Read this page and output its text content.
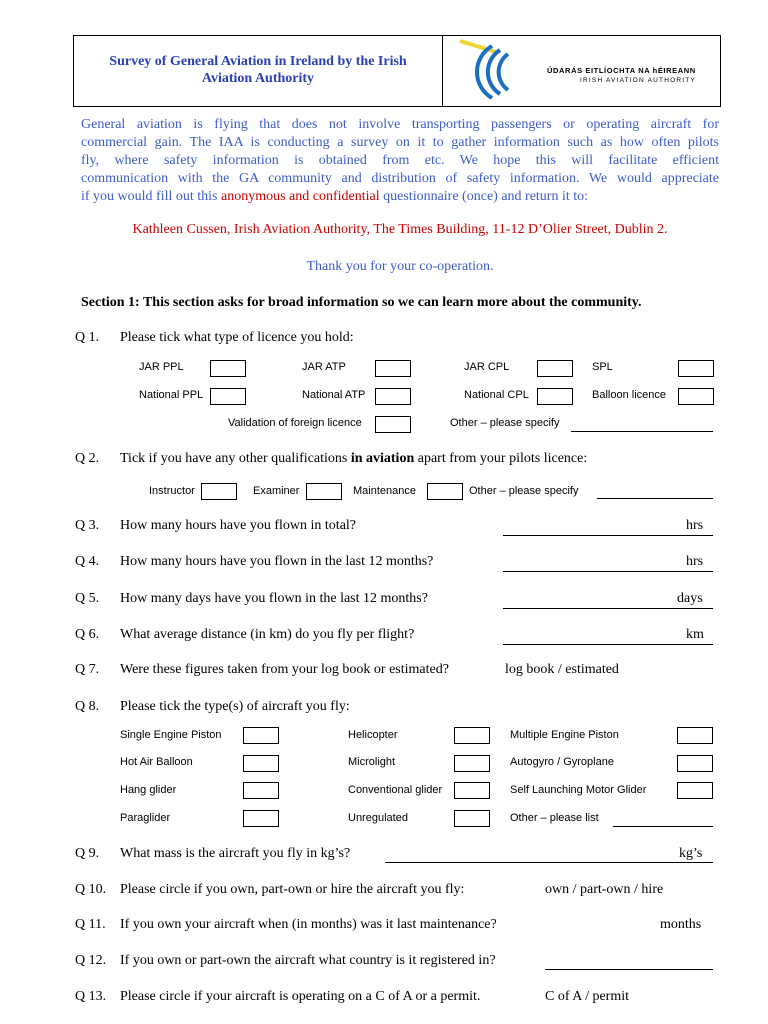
Survey of General Aviation in Ireland by the Irish
Aviation Authority
ÚDARÁS EITLÍOCHTA NA hÉIREANN
IRISH AVIATION AUTHORITY
General aviation is flying that does not involve transporting passengers or operating aircraft for
commercial gain. The IAA is conducting a survey on it to gather information such as how often pilots
fly, where safety information is obtained from etc. We hope this will facilitate efficient
communication with the GA community and distribution of safety information. We would appreciate
if you would fill out this anonymous and confidential questionnaire (once) and return it to:
Kathleen Cussen, Irish Aviation Authority, The Times Building, 11-12 D’Olier Street, Dublin 2.
Thank you for your co-operation.
Section 1: This section asks for broad information so we can learn more about the community.
Q 1. Please tick what type of licence you hold:
JAR PPL	JAR ATP	JAR CPL	SPL
National PPL	National ATP	National CPL	Balloon licence
Validation of foreign licence	Other – please specify
Q 2. Tick if you have any other qualifications in aviation apart from your pilots licence:
Instructor	Examiner	Maintenance	Other – please specify
Q 3. How many hours have you flown in total?	hrs
Q 4. How many hours have you flown in the last 12 months?	hrs
Q 5. How many days have you flown in the last 12 months?	days
Q 6. What average distance (in km) do you fly per flight?	km
Q 7. Were these figures taken from your log book or estimated?	log book / estimated
Q 8. Please tick the type(s) of aircraft you fly:
Single Engine Piston	Helicopter	Multiple Engine Piston
Hot Air Balloon	Microlight	Autogyro / Gyroplane
Hang glider	Conventional glider	Self Launching Motor Glider
Paraglider	Unregulated	Other – please list
Q 9. What mass is the aircraft you fly in kg’s?	kg’s
Q 10. Please circle if you own, part-own or hire the aircraft you fly:	own / part-own / hire
Q 11. If you own your aircraft when (in months) was it last maintenance?	months
Q 12. If you own or part-own the aircraft what country is it registered in?
Q 13. Please circle if your aircraft is operating on a C of A or a permit.	C of A / permit
